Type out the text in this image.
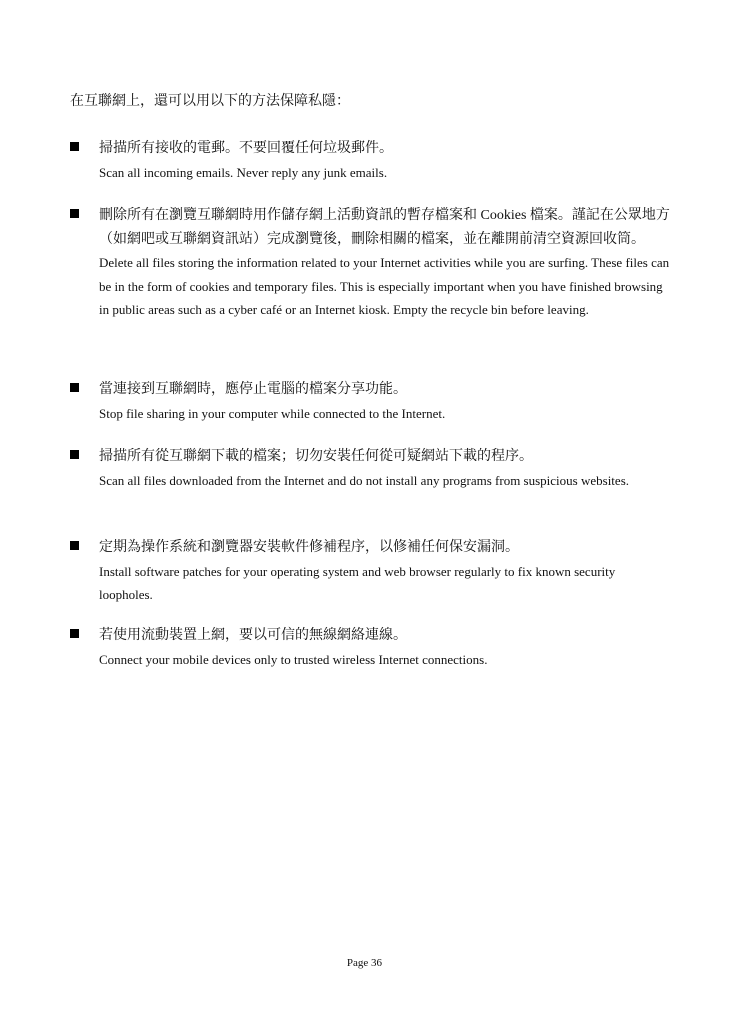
在互聯網上，還可以用以下的方法保障私隱：

掃描所有接收的電郵。不要回覆任何垃圾郵件。

Scan all incoming emails. Never reply any junk emails.

刪除所有在瀏覽互聯網時用作儲存網上活動資訊的暫存檔案和 Cookies 檔案。謹記在公眾地方（如網吧或互聯網資訊站）完成瀏覽後，刪除相關的檔案，並在離開前清空資源回收筒。

Delete all files storing the information related to your Internet activities while you are surfing. These files can be in the form of cookies and temporary files. This is especially important when you have finished browsing in public areas such as a cyber café or an Internet kiosk. Empty the recycle bin before leaving.

當連接到互聯網時，應停止電腦的檔案分享功能。

Stop file sharing in your computer while connected to the Internet.

掃描所有從互聯網下載的檔案；切勿安裝任何從可疑網站下載的程序。

Scan all files downloaded from the Internet and do not install any programs from suspicious websites.

定期為操作系統和瀏覽器安裝軟件修補程序，以修補任何保安漏洞。

Install software patches for your operating system and web browser regularly to fix known security loopholes.

若使用流動裝置上網，要以可信的無線網絡連線。

Connect your mobile devices only to trusted wireless Internet connections.

Page 36
